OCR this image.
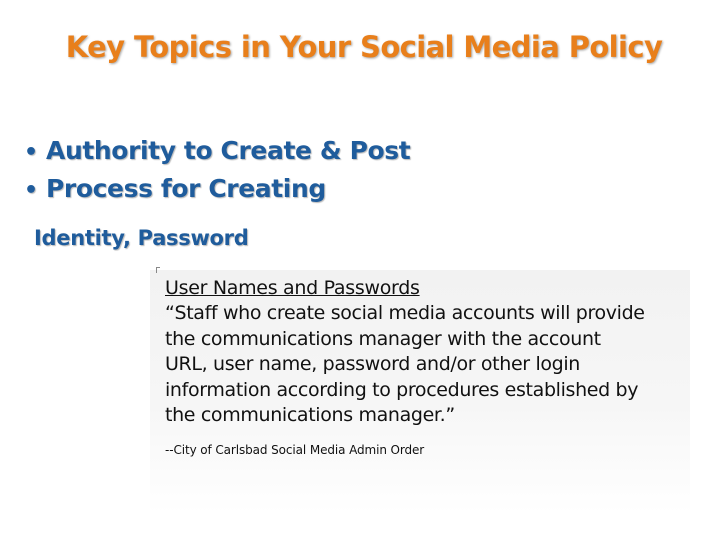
Key Topics in Your Social Media Policy
• Authority to Create & Post
• Process for Creating
Identity, Password
User Names and Passwords

“Staff who create social media accounts will provide
the communications manager with the account
URL, user name, password and/or other login
information according to procedures established by
the communications manager.”

--City of Carlsbad Social Media Admin Order
